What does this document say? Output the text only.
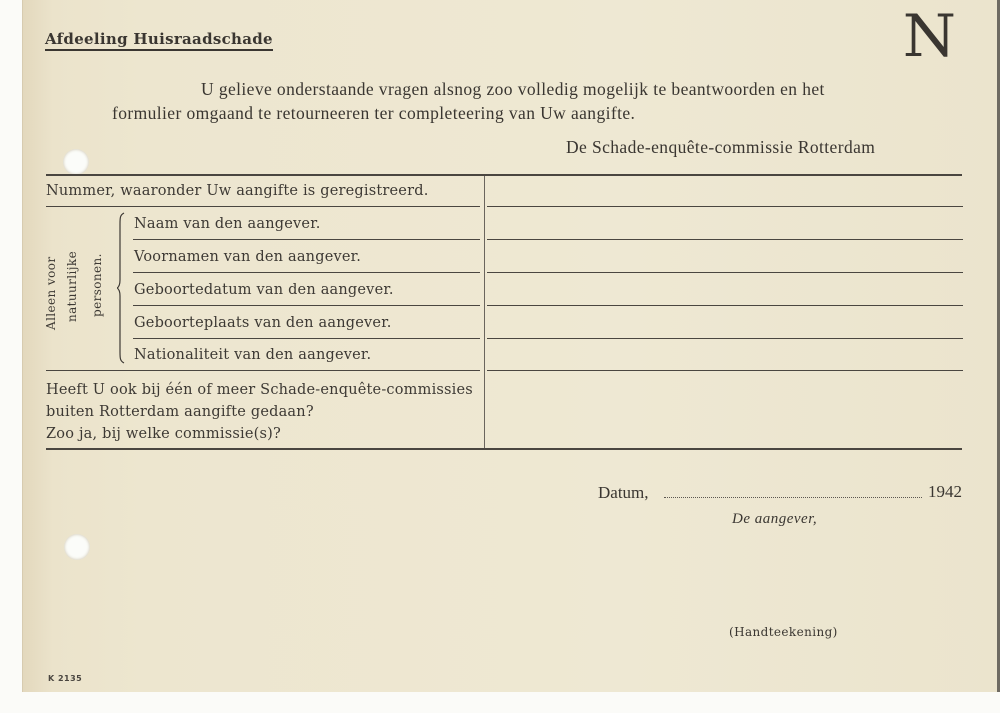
Afdeeling Huisraadschade	N
U gelieve onderstaande vragen alsnog zoo volledig mogelijk te beantwoorden en het
formulier omgaand te retourneeren ter completeering van Uw aangifte.
De Schade-enquête-commissie Rotterdam
Nummer, waaronder Uw aangifte is geregistreerd.
Alleen voor natuurlijke personen.
Naam van den aangever.
Voornamen van den aangever.
Geboortedatum van den aangever.
Geboorteplaats van den aangever.
Nationaliteit van den aangever.
Heeft U ook bij één of meer Schade-enquête-commissies
buiten Rotterdam aangifte gedaan?
Zoo ja, bij welke commissie(s)?
Datum,	1942
De aangever,
(Handteekening)
K 2135
